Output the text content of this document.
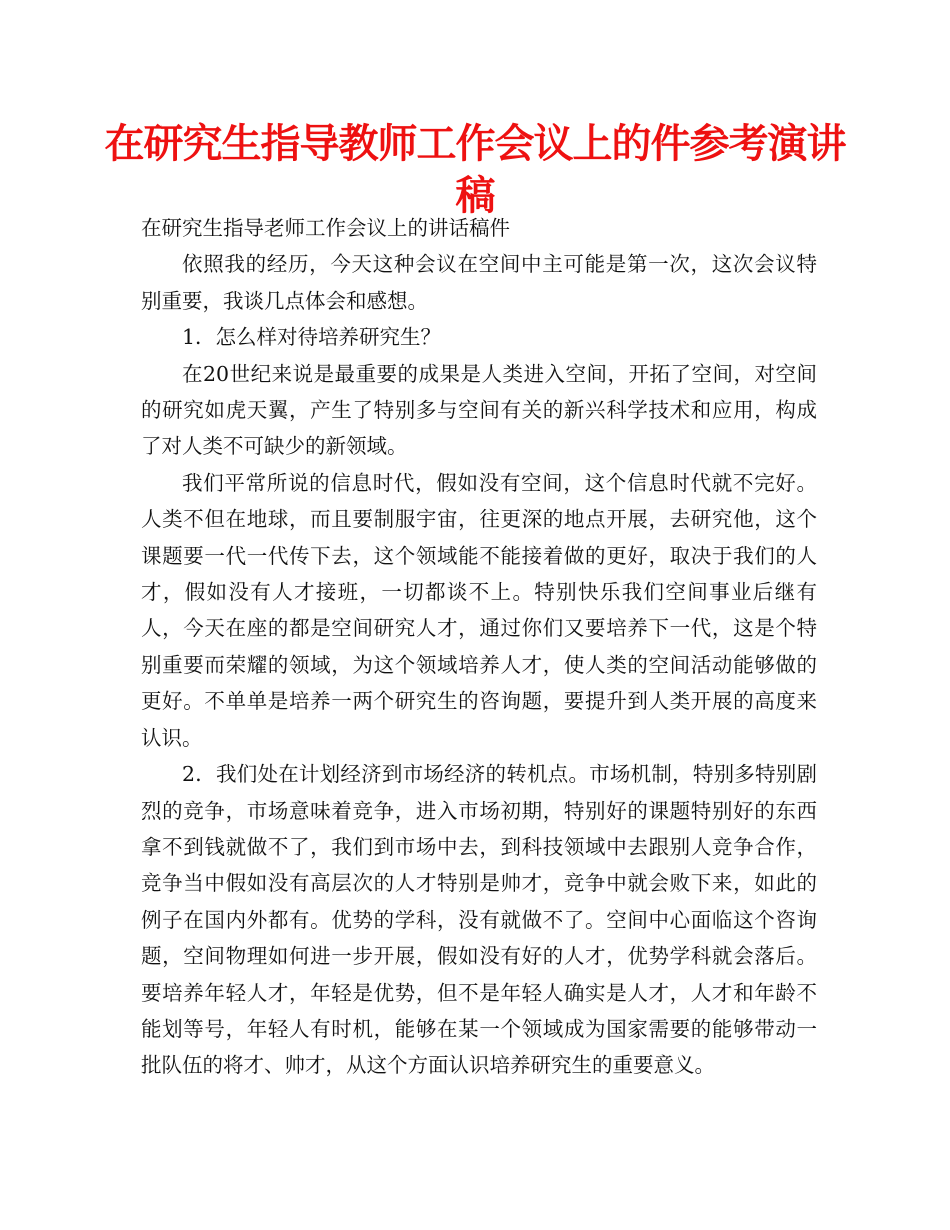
在研究生指导教师工作会议上的件参考演讲稿

在研究生指导老师工作会议上的讲话稿件

依照我的经历，今天这种会议在空间中主可能是第一次，这次会议特别重要，我谈几点体会和感想。

1．怎么样对待培养研究生？

在20世纪来说是最重要的成果是人类进入空间，开拓了空间，对空间的研究如虎天翼，产生了特别多与空间有关的新兴科学技术和应用，构成了对人类不可缺少的新领域。

我们平常所说的信息时代，假如没有空间，这个信息时代就不完好。人类不但在地球，而且要制服宇宙，往更深的地点开展，去研究他，这个课题要一代一代传下去，这个领域能不能接着做的更好，取决于我们的人才，假如没有人才接班，一切都谈不上。特别快乐我们空间事业后继有人，今天在座的都是空间研究人才，通过你们又要培养下一代，这是个特别重要而荣耀的领域，为这个领域培养人才，使人类的空间活动能够做的更好。不单单是培养一两个研究生的咨询题，要提升到人类开展的高度来认识。

2．我们处在计划经济到市场经济的转机点。市场机制，特别多特别剧烈的竞争，市场意味着竞争，进入市场初期，特别好的课题特别好的东西拿不到钱就做不了，我们到市场中去，到科技领域中去跟别人竞争合作，竞争当中假如没有高层次的人才特别是帅才，竞争中就会败下来，如此的例子在国内外都有。优势的学科，没有就做不了。空间中心面临这个咨询题，空间物理如何进一步开展，假如没有好的人才，优势学科就会落后。要培养年轻人才，年轻是优势，但不是年轻人确实是人才，人才和年龄不能划等号，年轻人有时机，能够在某一个领域成为国家需要的能够带动一批队伍的将才、帅才，从这个方面认识培养研究生的重要意义。
